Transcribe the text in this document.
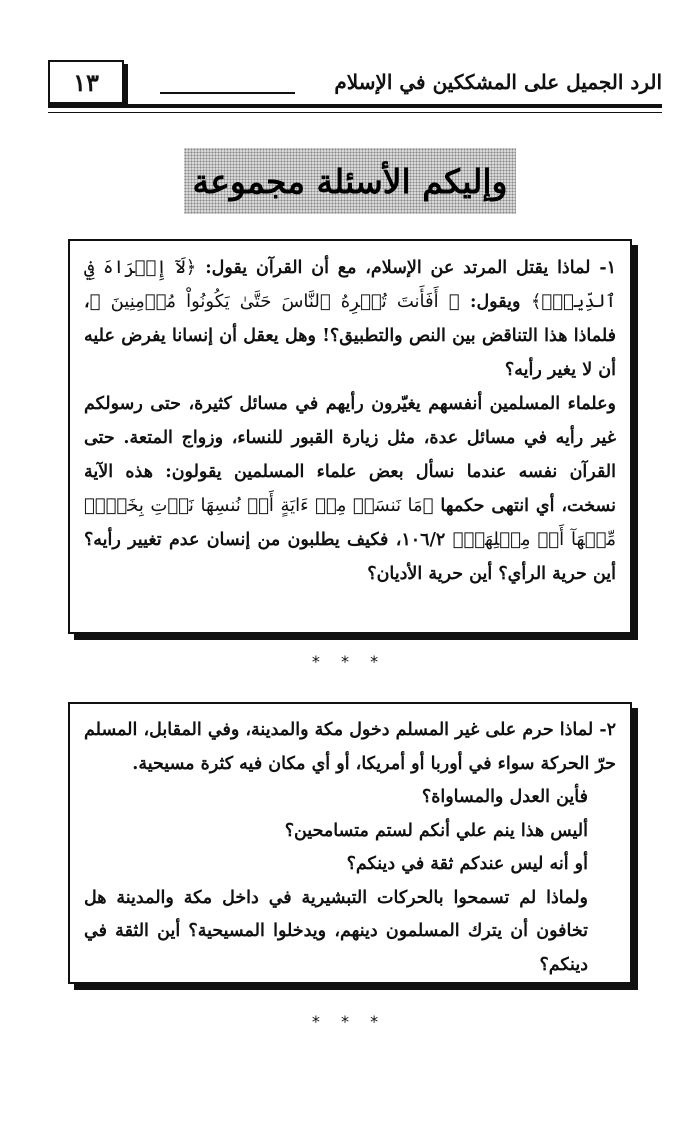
١٣	الرد الجميل على المشككين في الإسلام
وإليكم الأسئلة مجموعة

١- لماذا يقتل المرتد عن الإسلام، مع أن القرآن يقول: ﴿لَآ إِكۡرَاهَ فِي ٱلدِّينِۖ﴾ ويقول: ﴿ أَفَأَنتَ تُكۡرِهُ ٱلنَّاسَ حَتَّىٰ يَكُونُواْ مُؤۡمِنِينَ ﴾، فلماذا هذا التناقض بين النص والتطبيق؟! وهل يعقل أن إنسانا يفرض عليه أن لا يغير رأيه؟

وعلماء المسلمين أنفسهم يغيّرون رأيهم في مسائل كثيرة، حتى رسولكم غير رأيه في مسائل عدة، مثل زيارة القبور للنساء، وزواج المتعة. حتى القرآن نفسه عندما نسأل بعض علماء المسلمين يقولون: هذه الآية نسخت، أي انتهى حكمها ﴿مَا نَنسَخۡ مِنۡ ءَايَةٍ أَوۡ نُنسِهَا نَأۡتِ بِخَيۡرٖ مِّنۡهَآ أَوۡ مِثۡلِهَآۗ﴾ ١٠٦/٢، فكيف يطلبون من إنسان عدم تغيير رأيه؟ أين حرية الرأي؟ أين حرية الأديان؟

* * *

٢- لماذا حرم على غير المسلم دخول مكة والمدينة، وفي المقابل، المسلم حرّ الحركة سواء في أوربا أو أمريكا، أو أي مكان فيه كثرة مسيحية.

فأين العدل والمساواة؟

أليس هذا ينم علي أنكم لستم متسامحين؟

أو أنه ليس عندكم ثقة في دينكم؟

ولماذا لم تسمحوا بالحركات التبشيرية في داخل مكة والمدينة هل تخافون أن يترك المسلمون دينهم، ويدخلوا المسيحية؟ أين الثقة في دينكم؟

* * *
